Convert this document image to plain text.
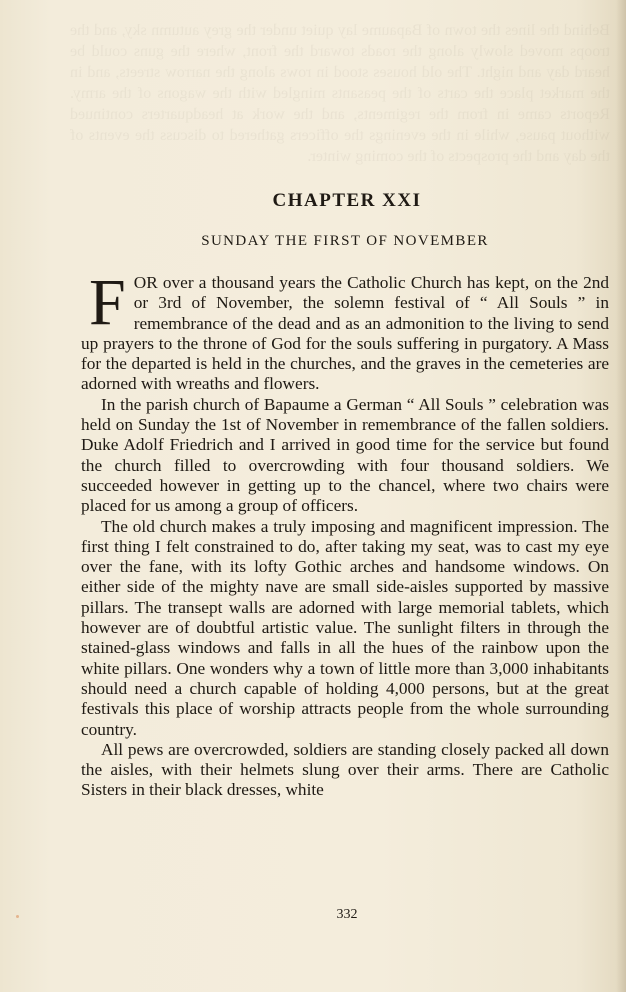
Behind the lines the town of Bapaume lay quiet under the grey autumn sky, and the troops moved slowly along the roads toward the front, where the guns could be heard day and night. The old houses stood in rows along the narrow streets, and in the market place the carts of the peasants mingled with the wagons of the army. Reports came in from the regiments, and the work at headquarters continued without pause, while in the evenings the officers gathered to discuss the events of the day and the prospects of the coming winter.
CHAPTER XXI
SUNDAY THE FIRST OF NOVEMBER

FOR over a thousand years the Catholic Church has kept, on the 2nd or 3rd of November, the solemn festival of “ All Souls ” in remembrance of the dead and as an admonition to the living to send up prayers to the throne of God for the souls suffering in purgatory. A Mass for the departed is held in the churches, and the graves in the cemeteries are adorned with wreaths and flowers.

In the parish church of Bapaume a German “ All Souls ” celebration was held on Sunday the 1st of November in remembrance of the fallen soldiers. Duke Adolf Friedrich and I arrived in good time for the service but found the church filled to overcrowding with four thousand soldiers. We succeeded however in getting up to the chancel, where two chairs were placed for us among a group of officers.

The old church makes a truly imposing and magnificent impression. The first thing I felt constrained to do, after taking my seat, was to cast my eye over the fane, with its lofty Gothic arches and handsome windows. On either side of the mighty nave are small side-aisles supported by massive pillars. The transept walls are adorned with large memorial tablets, which however are of doubtful artistic value. The sunlight filters in through the stained-glass windows and falls in all the hues of the rainbow upon the white pillars. One wonders why a town of little more than 3,000 inhabitants should need a church capable of holding 4,000 persons, but at the great festivals this place of worship attracts people from the whole surrounding country.

All pews are overcrowded, soldiers are standing closely packed all down the aisles, with their helmets slung over their arms. There are Catholic Sisters in their black dresses, white

332
